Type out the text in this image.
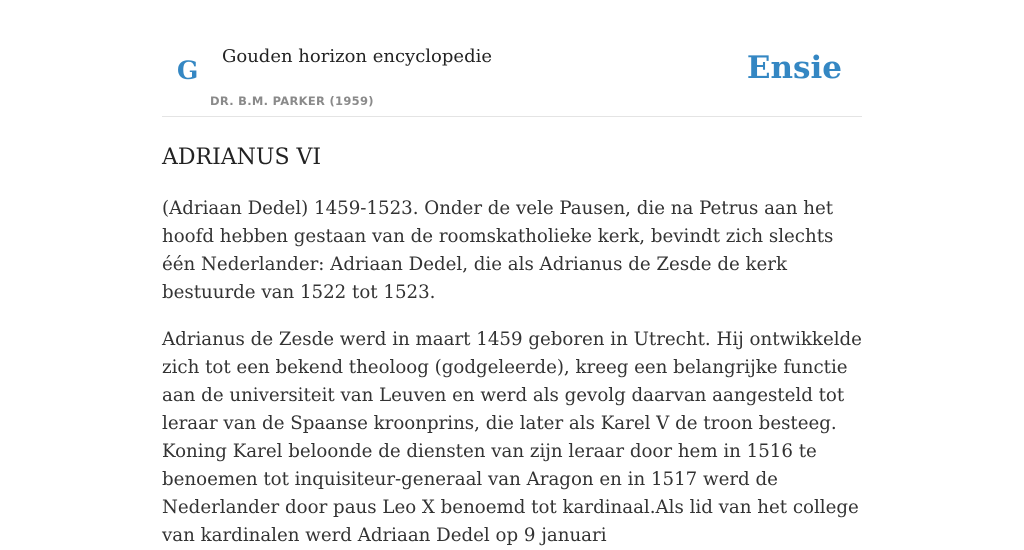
G Gouden horizon encyclopedie
DR. B.M. PARKER (1959)
Ensie
ADRIANUS VI

(Adriaan Dedel) 1459-1523. Onder de vele Pausen, die na Petrus aan het hoofd hebben gestaan van de roomskatholieke kerk, bevindt zich slechts één Nederlander: Adriaan Dedel, die als Adrianus de Zesde de kerk bestuurde van 1522 tot 1523.

Adrianus de Zesde werd in maart 1459 geboren in Utrecht. Hij ontwikkelde zich tot een bekend theoloog (godgeleerde), kreeg een belangrijke functie aan de universiteit van Leuven en werd als gevolg daarvan aangesteld tot leraar van de Spaanse kroonprins, die later als Karel V de troon besteeg. Koning Karel beloonde de diensten van zijn leraar door hem in 1516 te benoemen tot inquisiteur-generaal van Aragon en in 1517 werd de Nederlander door paus Leo X benoemd tot kardinaal.Als lid van het college van kardinalen werd Adriaan Dedel op 9 januari
